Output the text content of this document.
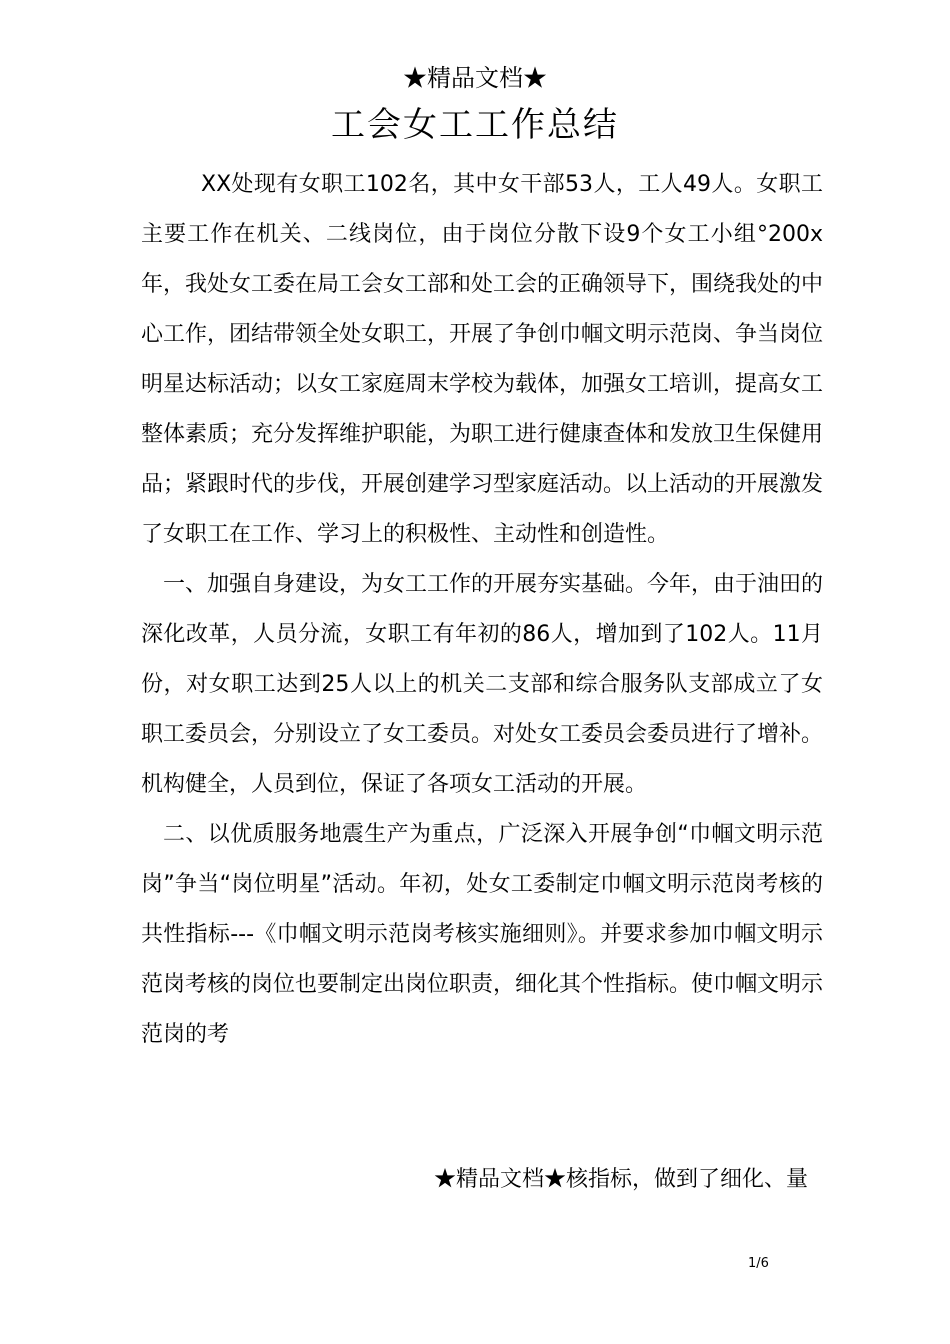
★精品文档★
工会女工工作总结

XX处现有女职工102名，其中女干部53人，工人49人。女职工主要工作在机关、二线岗位，由于岗位分散下设9个女工小组°200x年，我处女工委在局工会女工部和处工会的正确领导下，围绕我处的中心工作，团结带领全处女职工，开展了争创巾帼文明示范岗、争当岗位明星达标活动；以女工家庭周末学校为载体，加强女工培训，提高女工整体素质；充分发挥维护职能，为职工进行健康查体和发放卫生保健用品；紧跟时代的步伐，开展创建学习型家庭活动。以上活动的开展激发了女职工在工作、学习上的积极性、主动性和创造性。

一、加强自身建设，为女工工作的开展夯实基础。今年，由于油田的深化改革，人员分流，女职工有年初的86人，增加到了102人。11月份，对女职工达到25人以上的机关二支部和综合服务队支部成立了女职工委员会，分别设立了女工委员。对处女工委员会委员进行了增补。机构健全，人员到位，保证了各项女工活动的开展。

二、以优质服务地震生产为重点，广泛深入开展争创“巾帼文明示范岗”争当“岗位明星”活动。年初，处女工委制定巾帼文明示范岗考核的共性指标---《巾帼文明示范岗考核实施细则》。并要求参加巾帼文明示范岗考核的岗位也要制定出岗位职责，细化其个性指标。使巾帼文明示范岗的考

★精品文档★核指标，做到了细化、量
1/6
